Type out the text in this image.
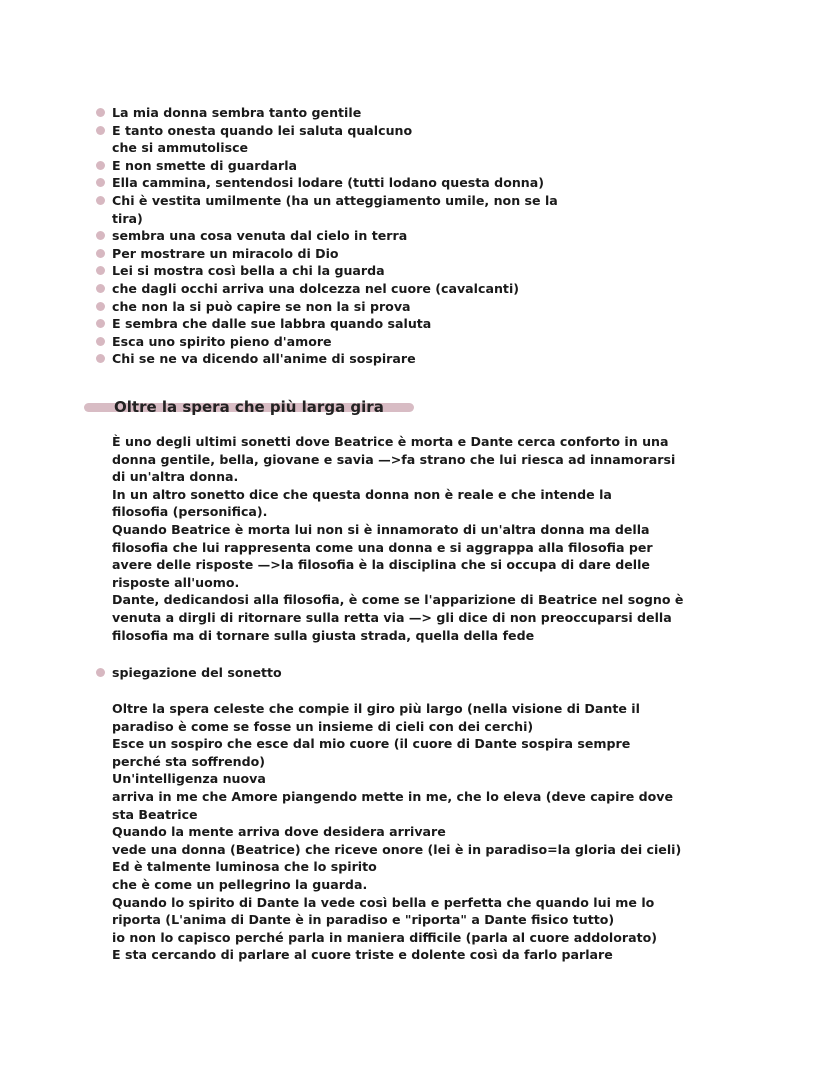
La mia donna sembra tanto gentile
E tanto onesta quando lei saluta qualcuno
che si ammutolisce
E non smette di guardarla
Ella cammina, sentendosi lodare (tutti lodano questa donna)
Chi è vestita umilmente (ha un atteggiamento umile, non se la
tira)
sembra una cosa venuta dal cielo in terra
Per mostrare un miracolo di Dio
Lei si mostra così bella a chi la guarda
che dagli occhi arriva una dolcezza nel cuore (cavalcanti)
che non la si può capire se non la si prova
E sembra che dalle sue labbra quando saluta
Esca uno spirito pieno d'amore
Chi se ne va dicendo all'anime di sospirare
Oltre la spera che più larga gira
È uno degli ultimi sonetti dove Beatrice è morta e Dante cerca conforto in una
donna gentile, bella, giovane e savia —>fa strano che lui riesca ad innamorarsi
di un'altra donna.
In un altro sonetto dice che questa donna non è reale e che intende la
filosofia (personifica).
Quando Beatrice è morta lui non si è innamorato di un'altra donna ma della
filosofia che lui rappresenta come una donna e si aggrappa alla filosofia per
avere delle risposte —>la filosofia è la disciplina che si occupa di dare delle
risposte all'uomo.
Dante, dedicandosi alla filosofia, è come se l'apparizione di Beatrice nel sogno è
venuta a dirgli di ritornare sulla retta via —> gli dice di non preoccuparsi della
filosofia ma di tornare sulla giusta strada, quella della fede
spiegazione del sonetto
Oltre la spera celeste che compie il giro più largo (nella visione di Dante il
paradiso è come se fosse un insieme di cieli con dei cerchi)
Esce un sospiro che esce dal mio cuore (il cuore di Dante sospira sempre
perché sta soffrendo)
Un'intelligenza nuova
arriva in me che Amore piangendo mette in me, che lo eleva (deve capire dove
sta Beatrice
Quando la mente arriva dove desidera arrivare
vede una donna (Beatrice) che riceve onore (lei è in paradiso=la gloria dei cieli)
Ed è talmente luminosa che lo spirito
che è come un pellegrino la guarda.
Quando lo spirito di Dante la vede così bella e perfetta che quando lui me lo
riporta (L'anima di Dante è in paradiso e "riporta" a Dante fisico tutto)
io non lo capisco perché parla in maniera difficile (parla al cuore addolorato)
E sta cercando di parlare al cuore triste e dolente così da farlo parlare
